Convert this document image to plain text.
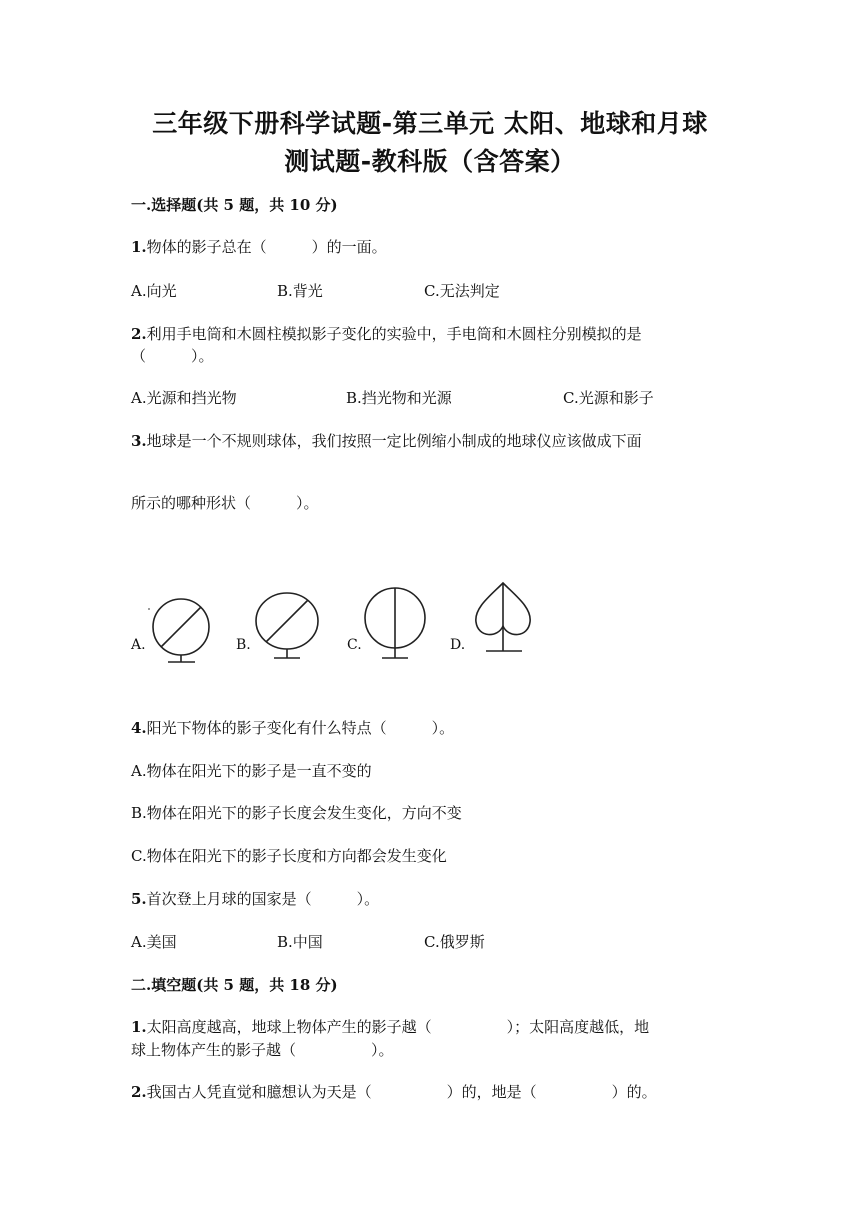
三年级下册科学试题-第三单元 太阳、地球和月球
测试题-教科版（含答案）
一.选择题(共 5 题，共 10 分)
1.物体的影子总在（　　　）的一面。
A.向光	B.背光	C.无法判定
2.利用手电筒和木圆柱模拟影子变化的实验中，手电筒和木圆柱分别模拟的是
（　　　）。
A.光源和挡光物	B.挡光物和光源	C.光源和影子
3.地球是一个不规则球体，我们按照一定比例缩小制成的地球仪应该做成下面
所示的哪种形状（　　　）。
A.	B.	C.	D.
4.阳光下物体的影子变化有什么特点（　　　）。
A.物体在阳光下的影子是一直不变的
B.物体在阳光下的影子长度会发生变化，方向不变
C.物体在阳光下的影子长度和方向都会发生变化
5.首次登上月球的国家是（　　　）。
A.美国	B.中国	C.俄罗斯
二.填空题(共 5 题，共 18 分)
1.太阳高度越高，地球上物体产生的影子越（　　　　　）；太阳高度越低，地
球上物体产生的影子越（　　　　　）。
2.我国古人凭直觉和臆想认为天是（　　　　　）的，地是（　　　　　）的。
